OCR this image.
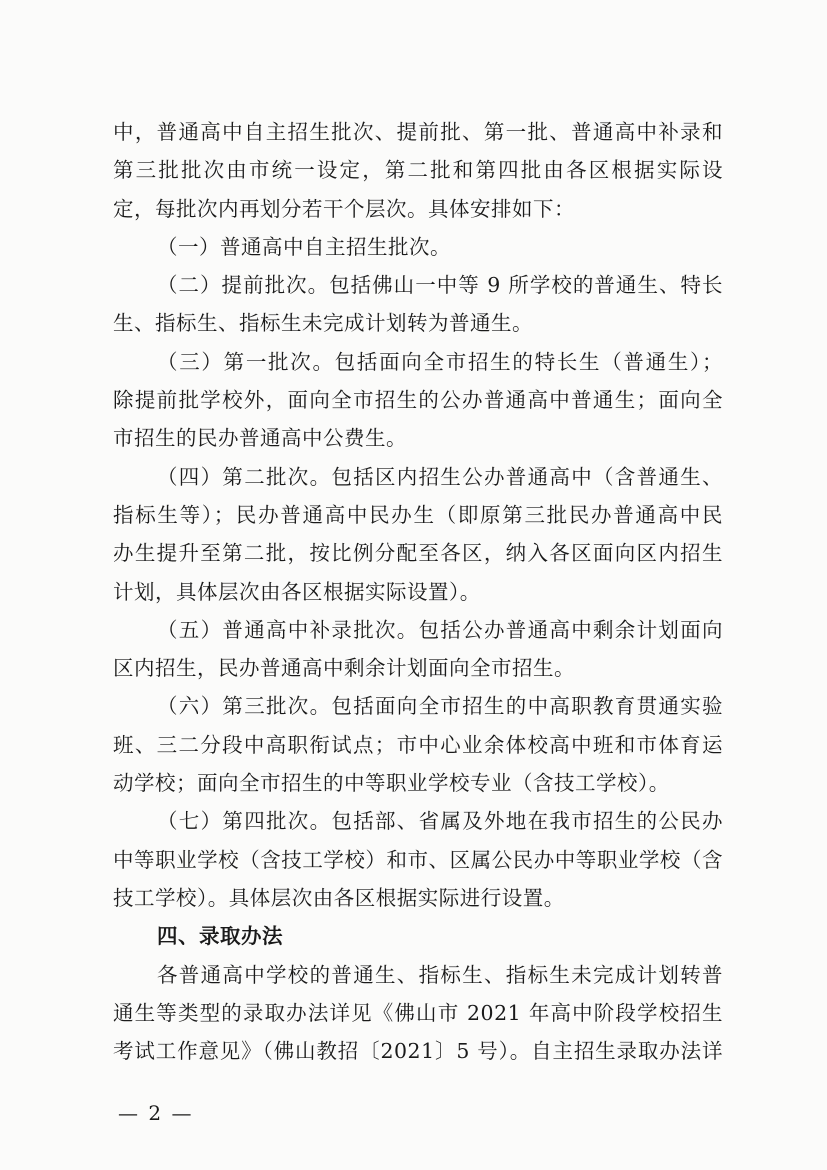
中，普通高中自主招生批次、提前批、第一批、普通高中补录和
第三批批次由市统一设定，第二批和第四批由各区根据实际设
定，每批次内再划分若干个层次。具体安排如下：
（一）普通高中自主招生批次。
（二）提前批次。包括佛山一中等 9 所学校的普通生、特长
生、指标生、指标生未完成计划转为普通生。
（三）第一批次。包括面向全市招生的特长生（普通生）；
除提前批学校外，面向全市招生的公办普通高中普通生；面向全
市招生的民办普通高中公费生。
（四）第二批次。包括区内招生公办普通高中（含普通生、
指标生等）；民办普通高中民办生（即原第三批民办普通高中民
办生提升至第二批，按比例分配至各区，纳入各区面向区内招生
计划，具体层次由各区根据实际设置）。
（五）普通高中补录批次。包括公办普通高中剩余计划面向
区内招生，民办普通高中剩余计划面向全市招生。
（六）第三批次。包括面向全市招生的中高职教育贯通实验
班、三二分段中高职衔试点；市中心业余体校高中班和市体育运
动学校；面向全市招生的中等职业学校专业（含技工学校）。
（七）第四批次。包括部、省属及外地在我市招生的公民办
中等职业学校（含技工学校）和市、区属公民办中等职业学校（含
技工学校）。具体层次由各区根据实际进行设置。
四、录取办法
各普通高中学校的普通生、指标生、指标生未完成计划转普
通生等类型的录取办法详见《佛山市 2021 年高中阶段学校招生
考试工作意见》（佛山教招〔2021〕5 号）。自主招生录取办法详
— 2 —
